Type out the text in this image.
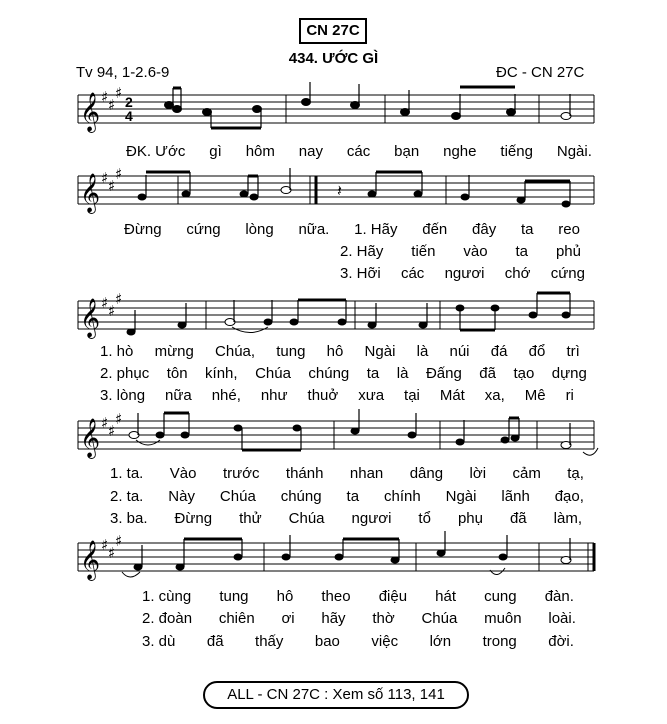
CN 27C
434. ƯỚC GÌ
Tv 94, 1-2.6-9	ĐC - CN 27C
𝄞 ♯ ♯
♯ 2
4
ĐK. Ước gì hôm nay các bạn nghe tiếng Ngài.
𝄞 ♯ ♯
♯
𝄽
Đừng cứng lòng nữa. 1. Hãy đến đây ta reo
2. Hãy tiến vào ta phủ
3. Hỡi các ngươi chớ cứng
𝄞 ♯ ♯
♯
1. hò mừng Chúa, tung hô Ngài là núi đá đổ trì
2. phục tôn kính, Chúa chúng ta là Đấng đã tạo dựng
3. lòng nữa nhé, như thuở xưa tại Mát xa, Mê ri
𝄞 ♯ ♯
♯
1. ta. Vào trước thánh nhan dâng lời cảm tạ,
2. ta. Này Chúa chúng ta chính Ngài lãnh đạo,
3. ba. Đừng thử Chúa ngươi tổ phụ đã làm,
𝄞 ♯ ♯
♯
1. cùng tung hô theo điệu hát cung đàn.
2. đoàn chiên ơi hãy thờ Chúa muôn loài.
3. dù đã thấy bao việc lớn trong đời.
ALL - CN 27C : Xem số 113, 141
